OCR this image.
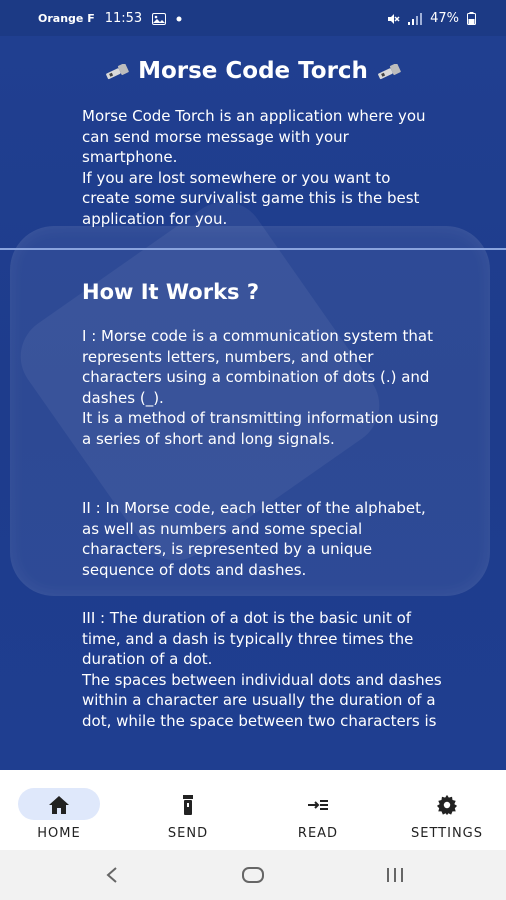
Orange F 11:53	47%
Morse Code Torch
Morse Code Torch is an application where you can send morse message with your smartphone.
If you are lost somewhere or you want to create some survivalist game this is the best application for you.
How It Works ?
I : Morse code is a communication system that represents letters, numbers, and other characters using a combination of dots (.) and dashes (_).
It is a method of transmitting information using a series of short and long signals.
II : In Morse code, each letter of the alphabet, as well as numbers and some special characters, is represented by a unique sequence of dots and dashes.
III : The duration of a dot is the basic unit of time, and a dash is typically three times the duration of a dot.
The spaces between individual dots and dashes within a character are usually the duration of a dot, while the space between two characters is
HOME	SEND	READ	SETTINGS
